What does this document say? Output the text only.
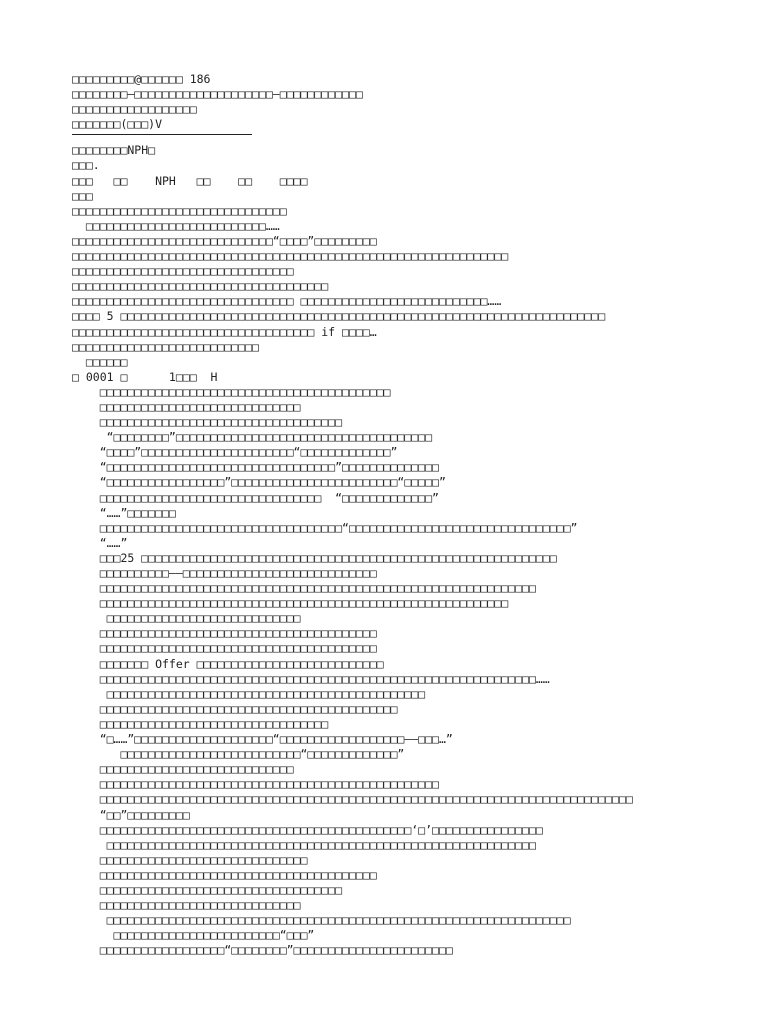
□□□□□□□□□@□□□□□□ 186
□□□□□□□□—□□□□□□□□□□□□□□□□□□□□—□□□□□□□□□□□□
□□□□□□□□□□□□□□□□□□
□□□□□□□(□□□)V
□□□□□□□□NPH□
□□□.
□□□   □□    NPH   □□    □□    □□□□
□□□
□□□□□□□□□□□□□□□□□□□□□□□□□□□□□□□
□□□□□□□□□□□□□□□□□□□□□□□□□□……
□□□□□□□□□□□□□□□□□□□□□□□□□□□□□“□□□□”□□□□□□□□□
□□□□□□□□□□□□□□□□□□□□□□□□□□□□□□□□□□□□□□□□□□□□□□□□□□□□□□□□□□□□□□□
□□□□□□□□□□□□□□□□□□□□□□□□□□□□□□□□
□□□□□□□□□□□□□□□□□□□□□□□□□□□□□□□□□□□□□
□□□□□□□□□□□□□□□□□□□□□□□□□□□□□□□□ □□□□□□□□□□□□□□□□□□□□□□□□□□□……
□□□□ 5 □□□□□□□□□□□□□□□□□□□□□□□□□□□□□□□□□□□□□□□□□□□□□□□□□□□□□□□□□□□□□□□□□□□□□□
□□□□□□□□□□□□□□□□□□□□□□□□□□□□□□□□□□□ if □□□□…
□□□□□□□□□□□□□□□□□□□□□□□□□□□
□□□□□□
□ 0001 □      1□□□  H
□□□□□□□□□□□□□□□□□□□□□□□□□□□□□□□□□□□□□□□□□□
□□□□□□□□□□□□□□□□□□□□□□□□□□□□□
□□□□□□□□□□□□□□□□□□□□□□□□□□□□□□□□□□□
“□□□□□□□□”□□□□□□□□□□□□□□□□□□□□□□□□□□□□□□□□□□□□□
“□□□□”□□□□□□□□□□□□□□□□□□□□□□“□□□□□□□□□□□□□”
“□□□□□□□□□□□□□□□□□□□□□□□□□□□□□□□□□”□□□□□□□□□□□□□□
“□□□□□□□□□□□□□□□□□”□□□□□□□□□□□□□□□□□□□□□□□□“□□□□□”
□□□□□□□□□□□□□□□□□□□□□□□□□□□□□□□□  “□□□□□□□□□□□□□”
“……”□□□□□□□
□□□□□□□□□□□□□□□□□□□□□□□□□□□□□□□□□□□“□□□□□□□□□□□□□□□□□□□□□□□□□□□□□□□□”
“……”
□□□25 □□□□□□□□□□□□□□□□□□□□□□□□□□□□□□□□□□□□□□□□□□□□□□□□□□□□□□□□□□□□
□□□□□□□□□□——□□□□□□□□□□□□□□□□□□□□□□□□□□□□
□□□□□□□□□□□□□□□□□□□□□□□□□□□□□□□□□□□□□□□□□□□□□□□□□□□□□□□□□□□□□□□
□□□□□□□□□□□□□□□□□□□□□□□□□□□□□□□□□□□□□□□□□□□□□□□□□□□□□□□□□□□
□□□□□□□□□□□□□□□□□□□□□□□□□□□□
□□□□□□□□□□□□□□□□□□□□□□□□□□□□□□□□□□□□□□□□
□□□□□□□□□□□□□□□□□□□□□□□□□□□□□□□□□□□□□□□□
□□□□□□□ Offer □□□□□□□□□□□□□□□□□□□□□□□□□□□
□□□□□□□□□□□□□□□□□□□□□□□□□□□□□□□□□□□□□□□□□□□□□□□□□□□□□□□□□□□□□□□……
□□□□□□□□□□□□□□□□□□□□□□□□□□□□□□□□□□□□□□□□□□□□□□
□□□□□□□□□□□□□□□□□□□□□□□□□□□□□□□□□□□□□□□□□□□
□□□□□□□□□□□□□□□□□□□□□□□□□□□□□□□□□
“□……”□□□□□□□□□□□□□□□□□□□□“□□□□□□□□□□□□□□□□□□——□□□…”
□□□□□□□□□□□□□□□□□□□□□□□□□□“□□□□□□□□□□□□□”
□□□□□□□□□□□□□□□□□□□□□□□□□□□□
□□□□□□□□□□□□□□□□□□□□□□□□□□□□□□□□□□□□□□□□□□□□□□□□□
□□□□□□□□□□□□□□□□□□□□□□□□□□□□□□□□□□□□□□□□□□□□□□□□□□□□□□□□□□□□□□□□□□□□□□□□□□□□□
“□□”□□□□□□□□□
□□□□□□□□□□□□□□□□□□□□□□□□□□□□□□□□□□□□□□□□□□□□□‘□’□□□□□□□□□□□□□□□□
□□□□□□□□□□□□□□□□□□□□□□□□□□□□□□□□□□□□□□□□□□□□□□□□□□□□□□□□□□□□□□
□□□□□□□□□□□□□□□□□□□□□□□□□□□□□□
□□□□□□□□□□□□□□□□□□□□□□□□□□□□□□□□□□□□□□□□
□□□□□□□□□□□□□□□□□□□□□□□□□□□□□□□□□□□
□□□□□□□□□□□□□□□□□□□□□□□□□□□□□
□□□□□□□□□□□□□□□□□□□□□□□□□□□□□□□□□□□□□□□□□□□□□□□□□□□□□□□□□□□□□□□□□□□
□□□□□□□□□□□□□□□□□□□□□□□□“□□□”
□□□□□□□□□□□□□□□□□□“□□□□□□□□”□□□□□□□□□□□□□□□□□□□□□□□
